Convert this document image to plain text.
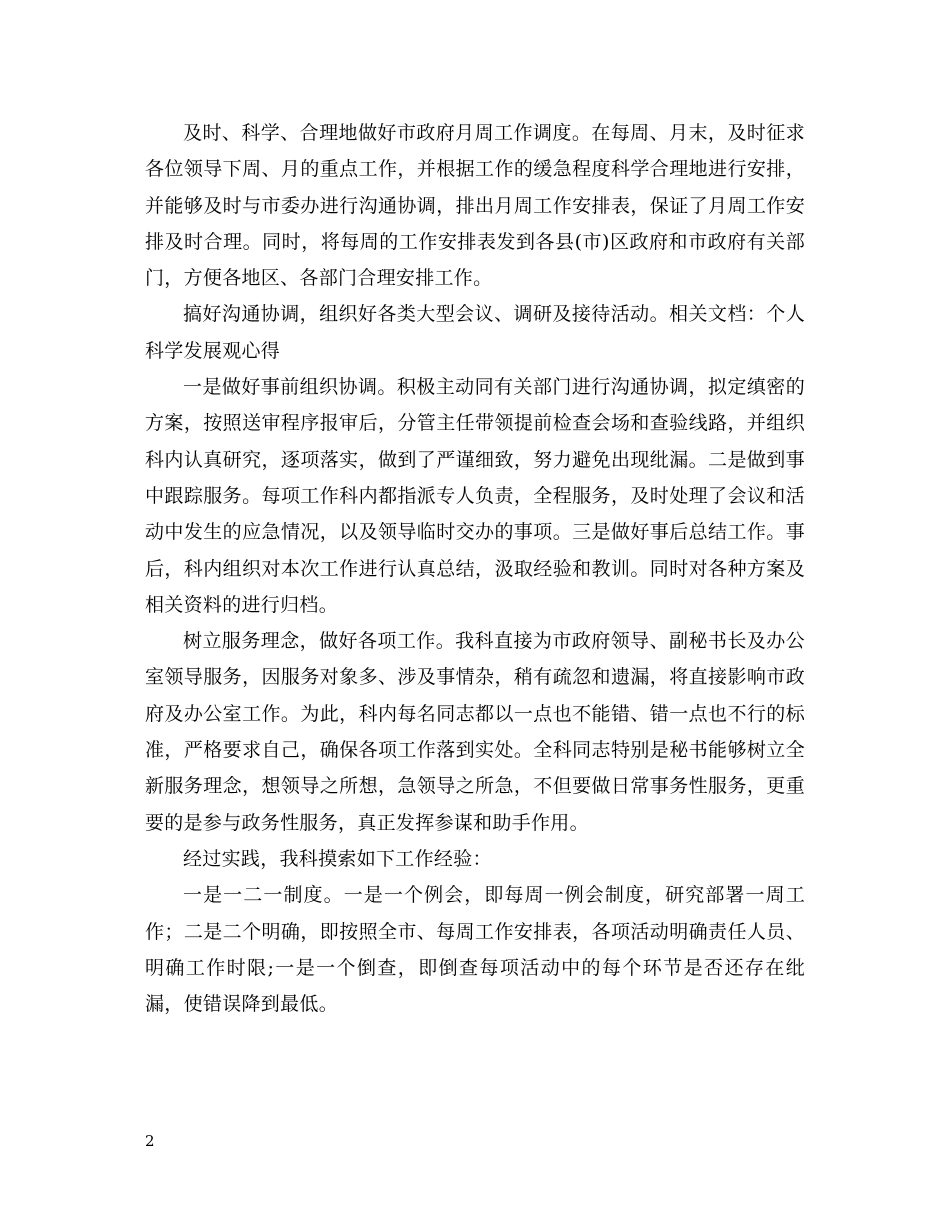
及时、科学、合理地做好市政府月周工作调度。在每周、月末，及时征求各位领导下周、月的重点工作，并根据工作的缓急程度科学合理地进行安排，并能够及时与市委办进行沟通协调，排出月周工作安排表，保证了月周工作安排及时合理。同时，将每周的工作安排表发到各县(市)区政府和市政府有关部门，方便各地区、各部门合理安排工作。

搞好沟通协调，组织好各类大型会议、调研及接待活动。相关文档：个人科学发展观心得

一是做好事前组织协调。积极主动同有关部门进行沟通协调，拟定缜密的方案，按照送审程序报审后，分管主任带领提前检查会场和查验线路，并组织科内认真研究，逐项落实，做到了严谨细致，努力避免出现纰漏。二是做到事中跟踪服务。每项工作科内都指派专人负责，全程服务，及时处理了会议和活动中发生的应急情况，以及领导临时交办的事项。三是做好事后总结工作。事后，科内组织对本次工作进行认真总结，汲取经验和教训。同时对各种方案及相关资料的进行归档。

树立服务理念，做好各项工作。我科直接为市政府领导、副秘书长及办公室领导服务，因服务对象多、涉及事情杂，稍有疏忽和遗漏，将直接影响市政府及办公室工作。为此，科内每名同志都以一点也不能错、错一点也不行的标准，严格要求自己，确保各项工作落到实处。全科同志特别是秘书能够树立全新服务理念，想领导之所想，急领导之所急，不但要做日常事务性服务，更重要的是参与政务性服务，真正发挥参谋和助手作用。

经过实践，我科摸索如下工作经验：

一是一二一制度。一是一个例会，即每周一例会制度，研究部署一周工作；二是二个明确，即按照全市、每周工作安排表，各项活动明确责任人员、明确工作时限;一是一个倒查，即倒查每项活动中的每个环节是否还存在纰漏，使错误降到最低。

2
